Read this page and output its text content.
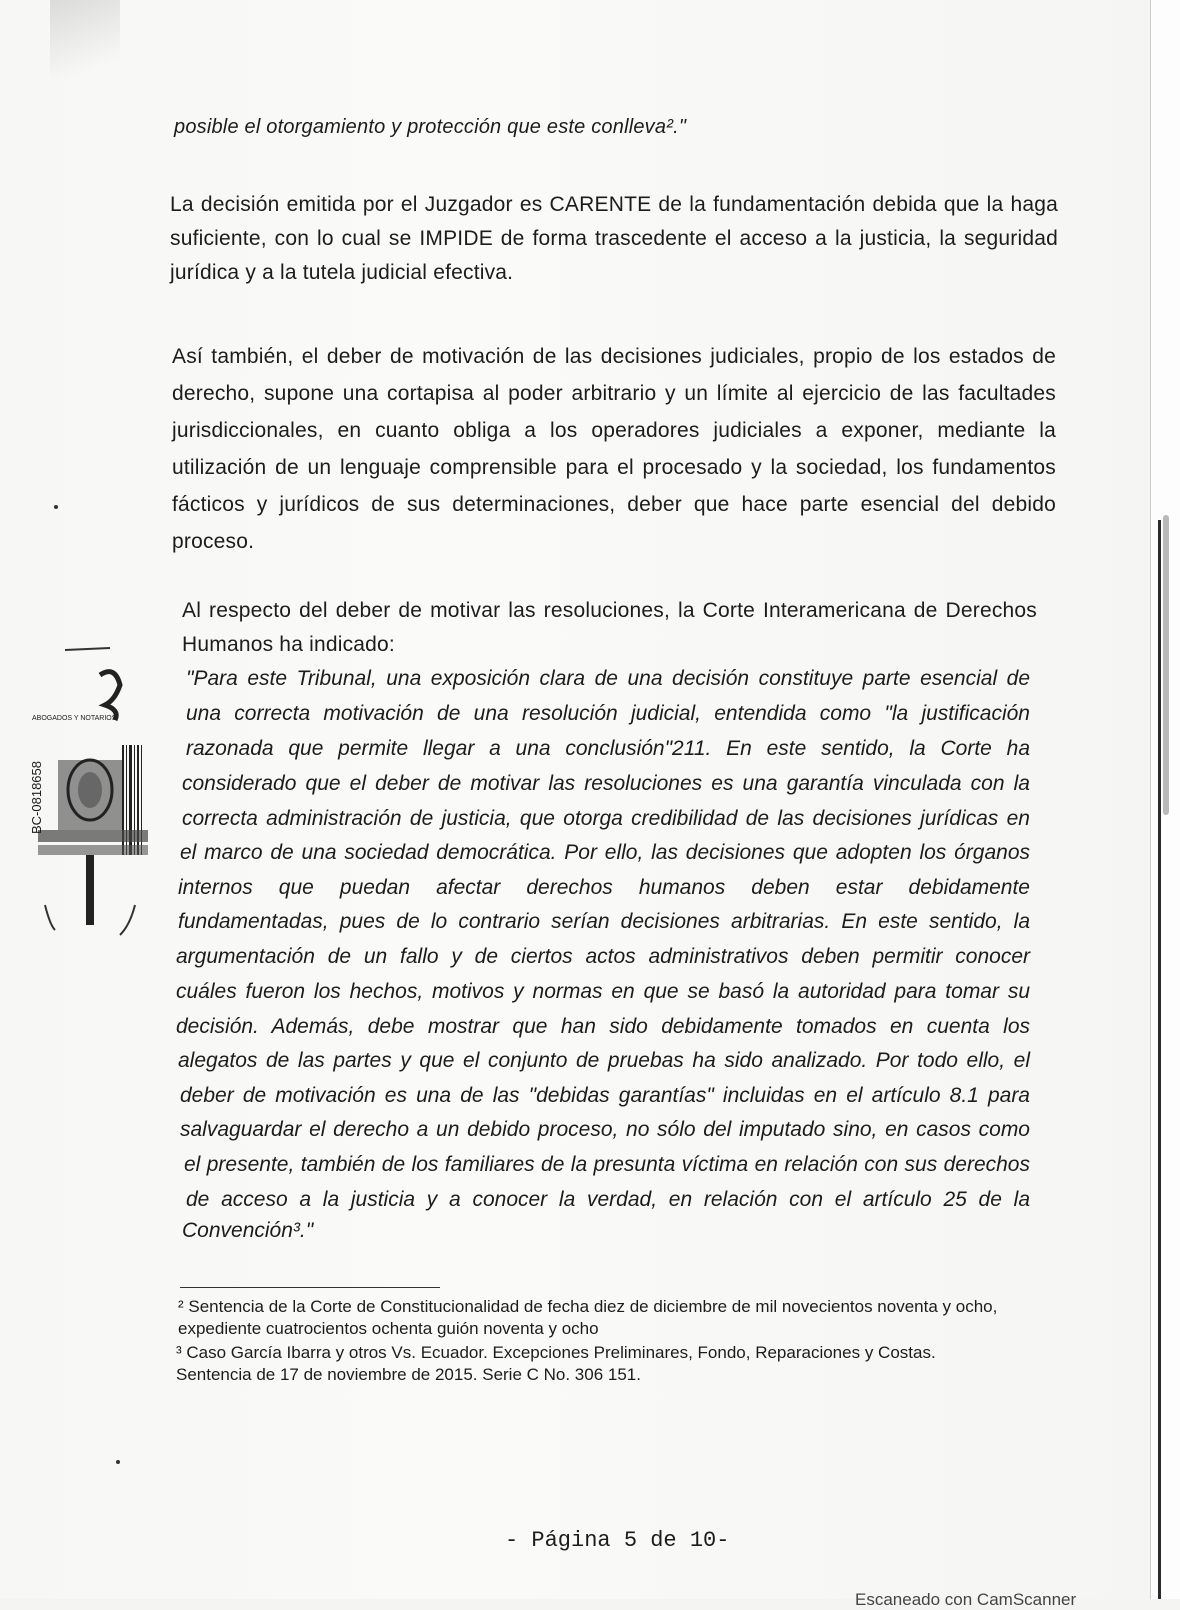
posible el otorgamiento y protección que este conlleva²."

La decisión emitida por el Juzgador es CARENTE de la fundamentación debida que la haga suficiente, con lo cual se IMPIDE de forma trascedente el acceso a la justicia, la seguridad jurídica y a la tutela judicial efectiva.

Así también, el deber de motivación de las decisiones judiciales, propio de los estados de derecho, supone una cortapisa al poder arbitrario y un límite al ejercicio de las facultades jurisdiccionales, en cuanto obliga a los operadores judiciales a exponer, mediante la utilización de un lenguaje comprensible para el procesado y la sociedad, los fundamentos fácticos y jurídicos de sus determinaciones, deber que hace parte esencial del debido proceso.

Al respecto del deber de motivar las resoluciones, la Corte Interamericana de Derechos Humanos ha indicado:

"Para este Tribunal, una exposición clara de una decisión constituye parte esencial de

una correcta motivación de una resolución judicial, entendida como "la justificación

razonada que permite llegar a una conclusión"211. En este sentido, la Corte ha

considerado que el deber de motivar las resoluciones es una garantía vinculada con la

correcta administración de justicia, que otorga credibilidad de las decisiones jurídicas en

el marco de una sociedad democrática. Por ello, las decisiones que adopten los órganos

internos que puedan afectar derechos humanos deben estar debidamente

fundamentadas, pues de lo contrario serían decisiones arbitrarias. En este sentido, la

argumentación de un fallo y de ciertos actos administrativos deben permitir conocer

cuáles fueron los hechos, motivos y normas en que se basó la autoridad para tomar su

decisión. Además, debe mostrar que han sido debidamente tomados en cuenta los

alegatos de las partes y que el conjunto de pruebas ha sido analizado. Por todo ello, el

deber de motivación es una de las "debidas garantías" incluidas en el artículo 8.1 para

salvaguardar el derecho a un debido proceso, no sólo del imputado sino, en casos como

el presente, también de los familiares de la presunta víctima en relación con sus derechos

de acceso a la justicia y a conocer la verdad, en relación con el artículo 25 de la

Convención³."

² Sentencia de la Corte de Constitucionalidad de fecha diez de diciembre de mil novecientos noventa y ocho, expediente cuatrocientos ochenta guión noventa y ocho

³ Caso García Ibarra y otros Vs. Ecuador. Excepciones Preliminares, Fondo, Reparaciones y Costas. Sentencia de 17 de noviembre de 2015. Serie C No. 306 151.

- Página 5 de 10-
Escaneado con CamScanner
BC-0818658
ABOGADOS Y NOTARIOS
